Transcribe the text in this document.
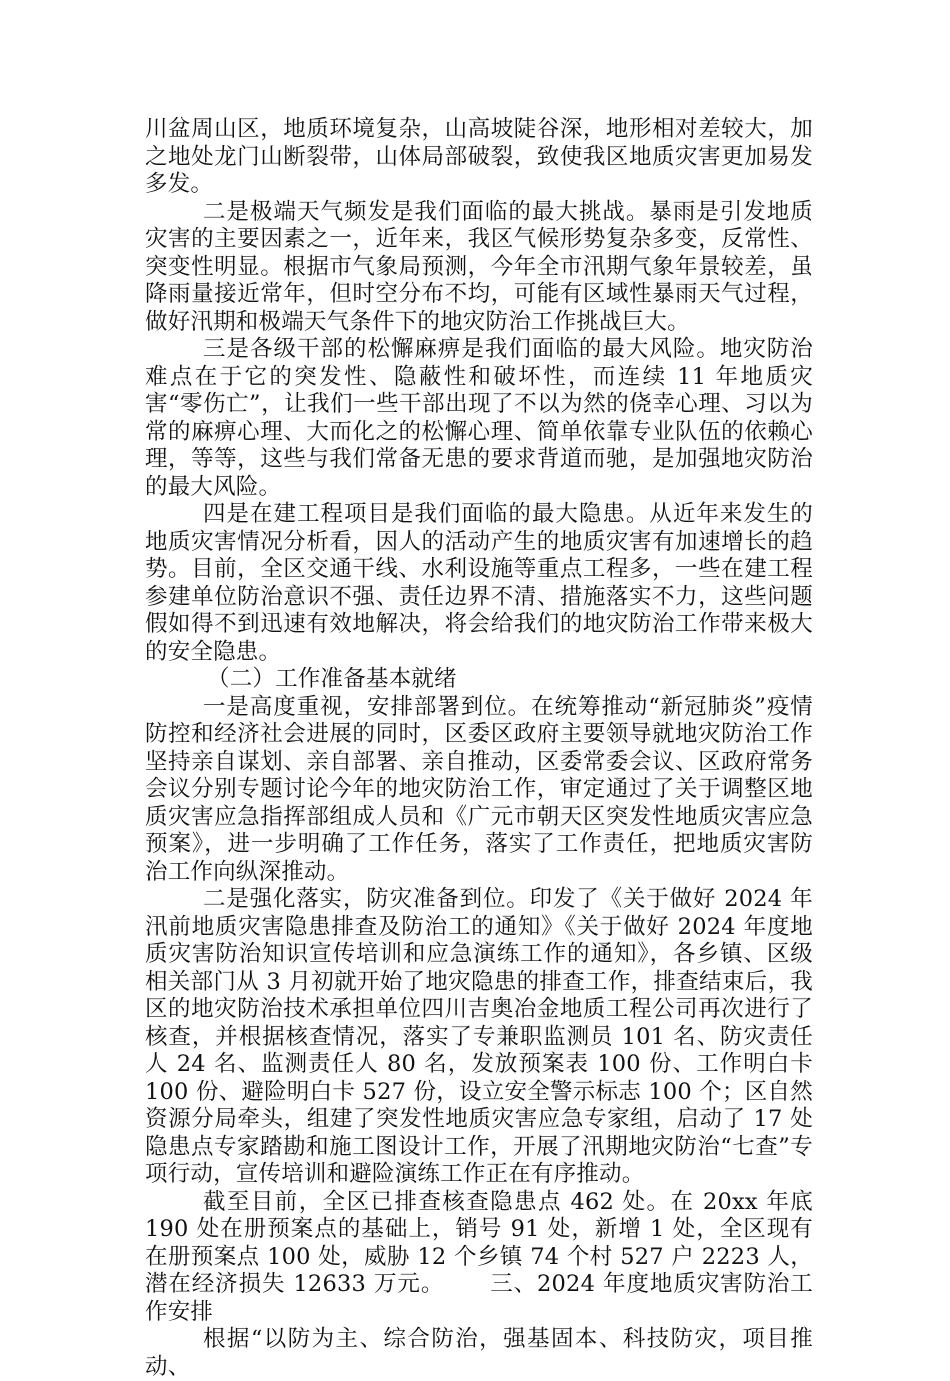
川盆周山区，地质环境复杂，山高坡陡谷深，地形相对差较大，加之地处龙门山断裂带，山体局部破裂，致使我区地质灾害更加易发多发。

二是极端天气频发是我们面临的最大挑战。暴雨是引发地质灾害的主要因素之一，近年来，我区气候形势复杂多变，反常性、突变性明显。根据市气象局预测，今年全市汛期气象年景较差，虽降雨量接近常年，但时空分布不均，可能有区域性暴雨天气过程，做好汛期和极端天气条件下的地灾防治工作挑战巨大。

三是各级干部的松懈麻痹是我们面临的最大风险。地灾防治难点在于它的突发性、隐蔽性和破坏性，而连续 11 年地质灾害“零伤亡”，让我们一些干部出现了不以为然的侥幸心理、习以为常的麻痹心理、大而化之的松懈心理、简单依靠专业队伍的依赖心理，等等，这些与我们常备无患的要求背道而驰，是加强地灾防治的最大风险。

四是在建工程项目是我们面临的最大隐患。从近年来发生的地质灾害情况分析看，因人的活动产生的地质灾害有加速增长的趋势。目前，全区交通干线、水利设施等重点工程多，一些在建工程参建单位防治意识不强、责任边界不清、措施落实不力，这些问题假如得不到迅速有效地解决，将会给我们的地灾防治工作带来极大的安全隐患。

（二）工作准备基本就绪

一是高度重视，安排部署到位。在统筹推动“新冠肺炎”疫情防控和经济社会进展的同时，区委区政府主要领导就地灾防治工作坚持亲自谋划、亲自部署、亲自推动，区委常委会议、区政府常务会议分别专题讨论今年的地灾防治工作，审定通过了关于调整区地质灾害应急指挥部组成人员和《广元市朝天区突发性地质灾害应急预案》，进一步明确了工作任务，落实了工作责任，把地质灾害防治工作向纵深推动。

二是强化落实，防灾准备到位。印发了《关于做好 2024 年汛前地质灾害隐患排查及防治工的通知》《关于做好 2024 年度地质灾害防治知识宣传培训和应急演练工作的通知》，各乡镇、区级相关部门从 3 月初就开始了地灾隐患的排查工作，排查结束后，我区的地灾防治技术承担单位四川吉奥冶金地质工程公司再次进行了核查，并根据核查情况，落实了专兼职监测员 101 名、防灾责任人 24 名、监测责任人 80 名，发放预案表 100 份、工作明白卡 100 份、避险明白卡 527 份，设立安全警示标志 100 个；区自然资源分局牵头，组建了突发性地质灾害应急专家组，启动了 17 处隐患点专家踏勘和施工图设计工作，开展了汛期地灾防治“七查”专项行动，宣传培训和避险演练工作正在有序推动。

截至目前，全区已排查核查隐患点 462 处。在 20xx 年底 190 处在册预案点的基础上，销号 91 处，新增 1 处，全区现有在册预案点 100 处，威胁 12 个乡镇 74 个村 527 户 2223 人，潜在经济损失 12633 万元。 三、2024 年度地质灾害防治工作安排

根据“以防为主、综合防治，强基固本、科技防灾，项目推动、
